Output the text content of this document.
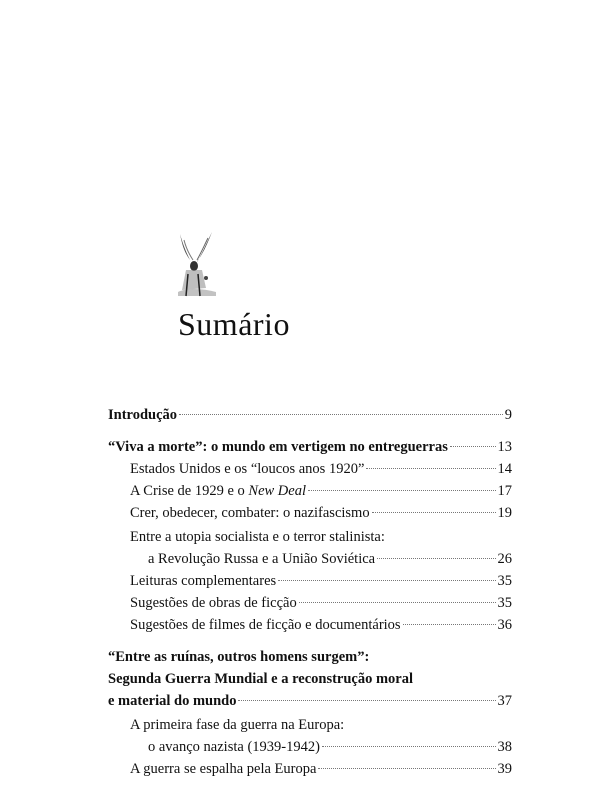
Sumário
Introdução	9
“Viva a morte”: o mundo em vertigem no entreguerras	13
Estados Unidos e os “loucos anos 1920”	14
A Crise de 1929 e o New Deal	17
Crer, obedecer, combater: o nazifascismo	19
Entre a utopia socialista e o terror stalinista:
a Revolução Russa e a União Soviética	26
Leituras complementares	35
Sugestões de obras de ficção	35
Sugestões de filmes de ficção e documentários	36
“Entre as ruínas, outros homens surgem”:
Segunda Guerra Mundial e a reconstrução moral
e material do mundo	37
A primeira fase da guerra na Europa:
o avanço nazista (1939-1942)	38
A guerra se espalha pela Europa	39
